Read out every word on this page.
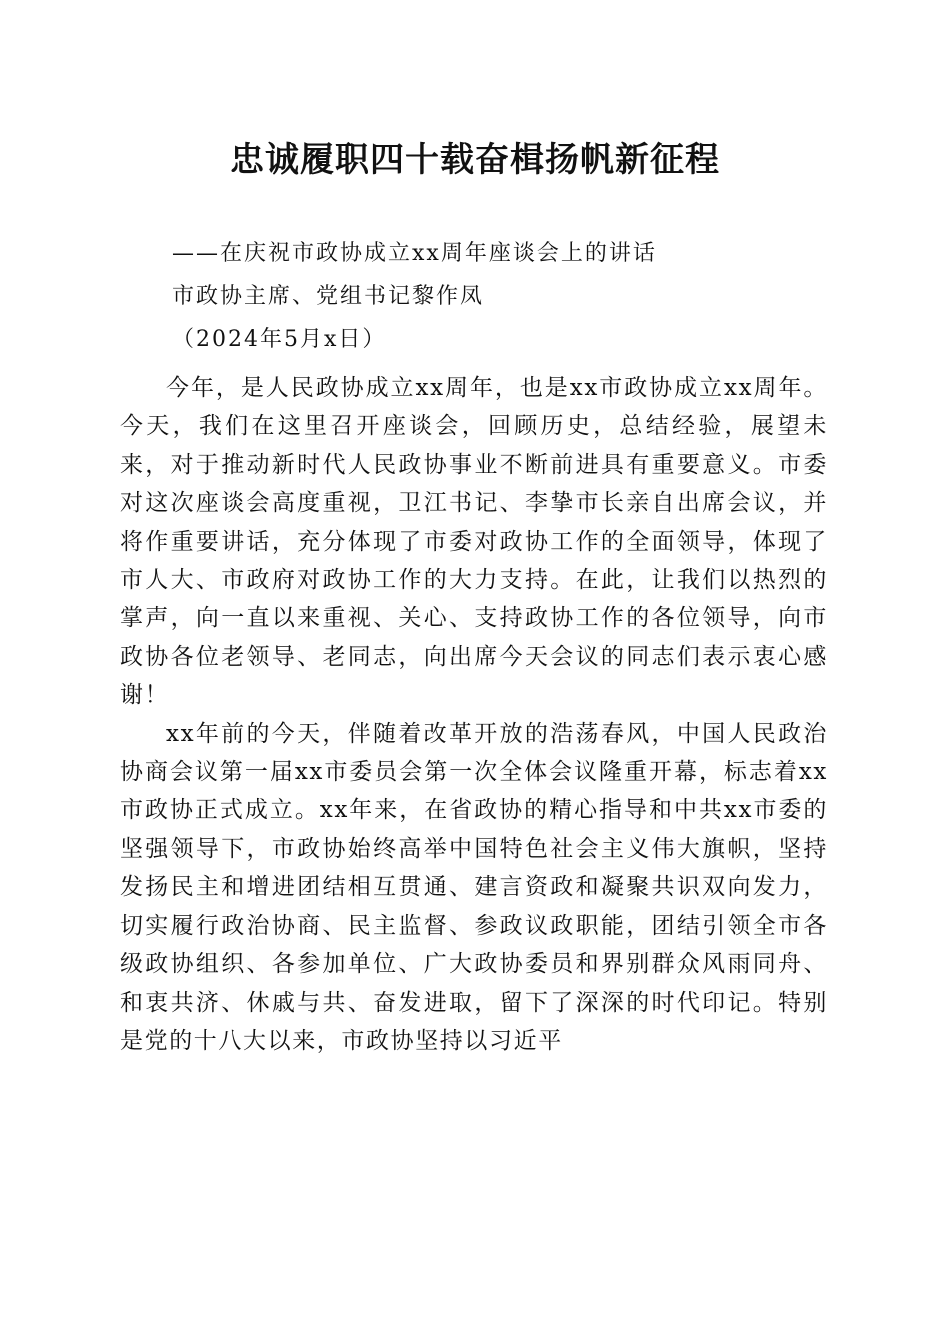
忠诚履职四十载奋楫扬帆新征程
——在庆祝市政协成立xx周年座谈会上的讲话
市政协主席、党组书记黎作凤
（2024年5月x日）

今年，是人民政协成立xx周年，也是xx市政协成立xx周年。今天，我们在这里召开座谈会，回顾历史，总结经验，展望未来，对于推动新时代人民政协事业不断前进具有重要意义。市委对这次座谈会高度重视，卫江书记、李挚市长亲自出席会议，并将作重要讲话，充分体现了市委对政协工作的全面领导，体现了市人大、市政府对政协工作的大力支持。在此，让我们以热烈的掌声，向一直以来重视、关心、支持政协工作的各位领导，向市政协各位老领导、老同志，向出席今天会议的同志们表示衷心感谢！

xx年前的今天，伴随着改革开放的浩荡春风，中国人民政治协商会议第一届xx市委员会第一次全体会议隆重开幕，标志着xx市政协正式成立。xx年来，在省政协的精心指导和中共xx市委的坚强领导下，市政协始终高举中国特色社会主义伟大旗帜，坚持发扬民主和增进团结相互贯通、建言资政和凝聚共识双向发力，切实履行政治协商、民主监督、参政议政职能，团结引领全市各级政协组织、各参加单位、广大政协委员和界别群众风雨同舟、和衷共济、休戚与共、奋发进取，留下了深深的时代印记。特别是党的十八大以来，市政协坚持以习近平
